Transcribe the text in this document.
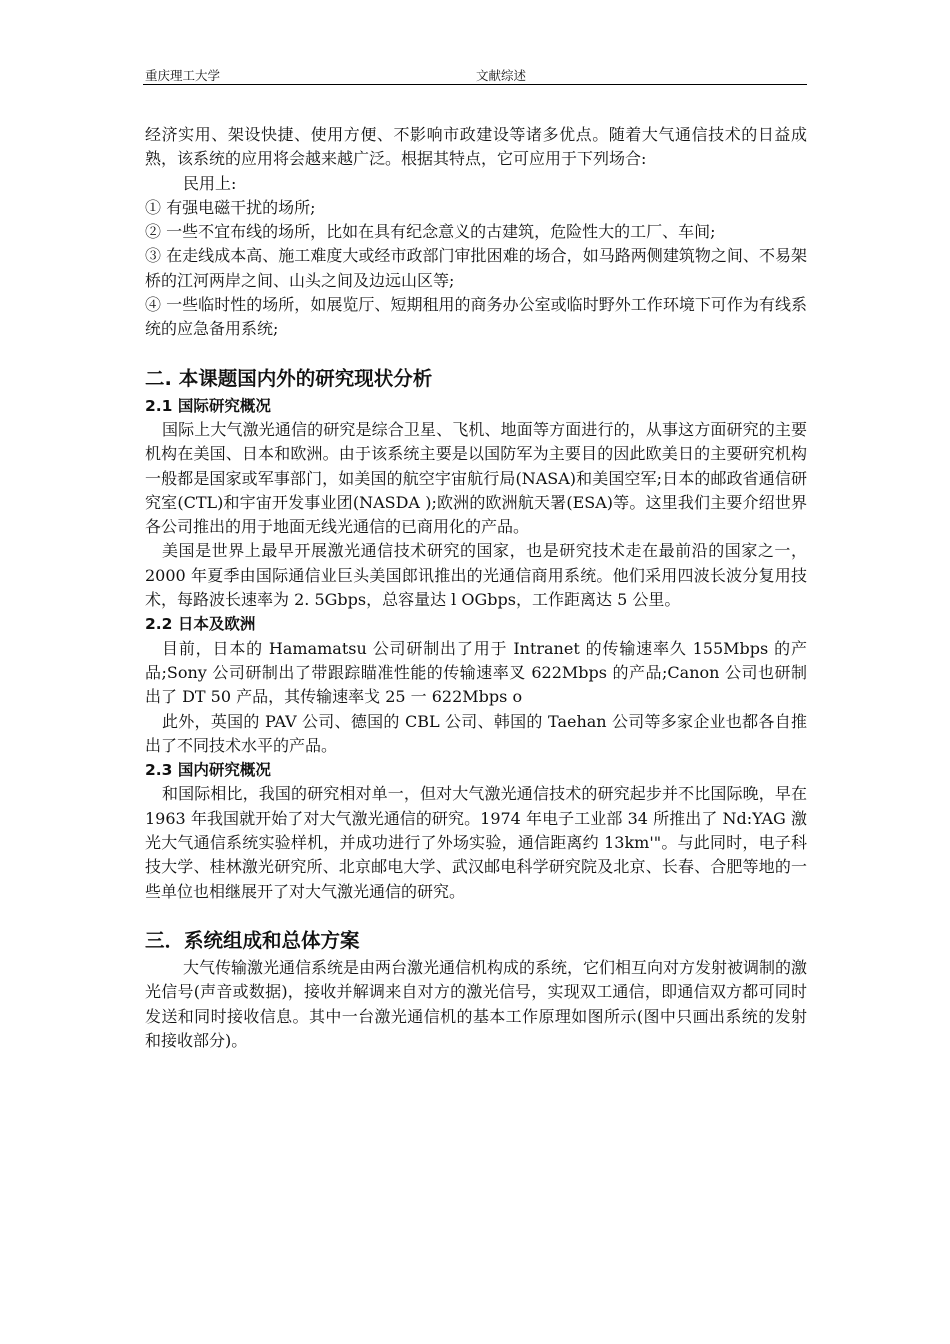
重庆理工大学	文献综述

经济实用、架设快捷、使用方便、不影响市政建设等诸多优点。随着大气通信技术的日益成熟，该系统的应用将会越来越广泛。根据其特点，它可应用于下列场合:

民用上:

① 有强电磁干扰的场所;

② 一些不宜布线的场所，比如在具有纪念意义的古建筑，危险性大的工厂、车间;

③ 在走线成本高、施工难度大或经市政部门审批困难的场合，如马路两侧建筑物之间、不易架桥的江河两岸之间、山头之间及边远山区等;

④ 一些临时性的场所，如展览厅、短期租用的商务办公室或临时野外工作环境下可作为有线系统的应急备用系统;

二. 本课题国内外的研究现状分析
2.1 国际研究概况

国际上大气激光通信的研究是综合卫星、飞机、地面等方面进行的，从事这方面研究的主要机构在美国、日本和欧洲。由于该系统主要是以国防军为主要目的因此欧美日的主要研究机构一般都是国家或军事部门，如美国的航空宇宙航行局(NASA)和美国空军;日本的邮政省通信研究室(CTL)和宇宙开发事业团(NASDA );欧洲的欧洲航天署(ESA)等。这里我们主要介绍世界各公司推出的用于地面无线光通信的已商用化的产品。

美国是世界上最早开展激光通信技术研究的国家，也是研究技术走在最前沿的国家之一，2000 年夏季由国际通信业巨头美国郎讯推出的光通信商用系统。他们采用四波长波分复用技术，每路波长速率为 2. 5Gbps，总容量达 l OGbps，工作距离达 5 公里。

2.2 日本及欧洲

目前，日本的 Hamamatsu 公司研制出了用于 Intranet 的传输速率久 155Mbps 的产品;Sony 公司研制出了带跟踪瞄准性能的传输速率叉 622Mbps 的产品;Canon 公司也研制出了 DT 50 产品，其传输速率戈 25 一 622Mbps o

此外，英国的 PAV 公司、德国的 CBL 公司、韩国的 Taehan 公司等多家企业也都各自推出了不同技术水平的产品。

2.3 国内研究概况

和国际相比，我国的研究相对单一，但对大气激光通信技术的研究起步并不比国际晚，早在 1963 年我国就开始了对大气激光通信的研究。1974 年电子工业部 34 所推出了 Nd:YAG 激光大气通信系统实验样机，并成功进行了外场实验，通信距离约 13km'"。与此同时，电子科技大学、桂林激光研究所、北京邮电大学、武汉邮电科学研究院及北京、长春、合肥等地的一些单位也相继展开了对大气激光通信的研究。

三．系统组成和总体方案

大气传输激光通信系统是由两台激光通信机构成的系统，它们相互向对方发射被调制的激光信号(声音或数据)，接收并解调来自对方的激光信号，实现双工通信，即通信双方都可同时发送和同时接收信息。其中一台激光通信机的基本工作原理如图所示(图中只画出系统的发射和接收部分)。
